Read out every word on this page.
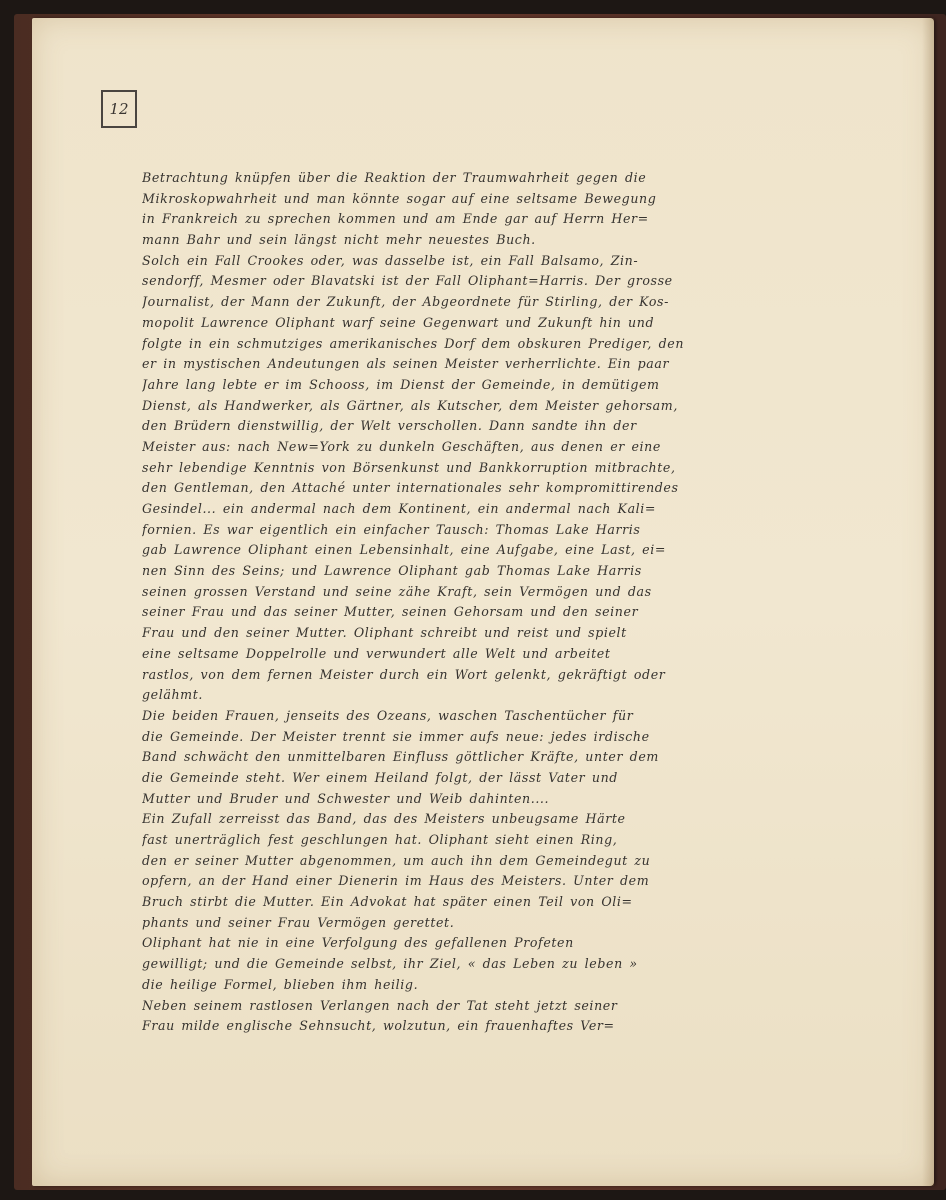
12
Betrachtung knüpfen über die Reaktion der Traumwahrheit gegen die
Mikroskopwahrheit und man könnte sogar auf eine seltsame Bewegung
in Frankreich zu sprechen kommen und am Ende gar auf Herrn Her=
mann Bahr und sein längst nicht mehr neuestes Buch.
Solch ein Fall Crookes oder, was dasselbe ist, ein Fall Balsamo, Zin-
sendorff, Mesmer oder Blavatski ist der Fall Oliphant=Harris. Der grosse
Journalist, der Mann der Zukunft, der Abgeordnete für Stirling, der Kos-
mopolit Lawrence Oliphant warf seine Gegenwart und Zukunft hin und
folgte in ein schmutziges amerikanisches Dorf dem obskuren Prediger, den
er in mystischen Andeutungen als seinen Meister verherrlichte. Ein paar
Jahre lang lebte er im Schooss, im Dienst der Gemeinde, in demütigem
Dienst, als Handwerker, als Gärtner, als Kutscher, dem Meister gehorsam,
den Brüdern dienstwillig, der Welt verschollen. Dann sandte ihn der
Meister aus: nach New=York zu dunkeln Geschäften, aus denen er eine
sehr lebendige Kenntnis von Börsenkunst und Bankkorruption mitbrachte,
den Gentleman, den Attaché unter internationales sehr kompromittirendes
Gesindel... ein andermal nach dem Kontinent, ein andermal nach Kali=
fornien. Es war eigentlich ein einfacher Tausch: Thomas Lake Harris
gab Lawrence Oliphant einen Lebensinhalt, eine Aufgabe, eine Last, ei=
nen Sinn des Seins; und Lawrence Oliphant gab Thomas Lake Harris
seinen grossen Verstand und seine zähe Kraft, sein Vermögen und das
seiner Frau und das seiner Mutter, seinen Gehorsam und den seiner
Frau und den seiner Mutter. Oliphant schreibt und reist und spielt
eine seltsame Doppelrolle und verwundert alle Welt und arbeitet
rastlos, von dem fernen Meister durch ein Wort gelenkt, gekräftigt oder
gelähmt.
Die beiden Frauen, jenseits des Ozeans, waschen Taschentücher für
die Gemeinde. Der Meister trennt sie immer aufs neue: jedes irdische
Band schwächt den unmittelbaren Einfluss göttlicher Kräfte, unter dem
die Gemeinde steht. Wer einem Heiland folgt, der lässt Vater und
Mutter und Bruder und Schwester und Weib dahinten....
Ein Zufall zerreisst das Band, das des Meisters unbeugsame Härte
fast unerträglich fest geschlungen hat. Oliphant sieht einen Ring,
den er seiner Mutter abgenommen, um auch ihn dem Gemeindegut zu
opfern, an der Hand einer Dienerin im Haus des Meisters. Unter dem
Bruch stirbt die Mutter. Ein Advokat hat später einen Teil von Oli=
phants und seiner Frau Vermögen gerettet.
Oliphant hat nie in eine Verfolgung des gefallenen Profeten
gewilligt; und die Gemeinde selbst, ihr Ziel, « das Leben zu leben »
die heilige Formel, blieben ihm heilig.
Neben seinem rastlosen Verlangen nach der Tat steht jetzt seiner
Frau milde englische Sehnsucht, wolzutun, ein frauenhaftes Ver=
